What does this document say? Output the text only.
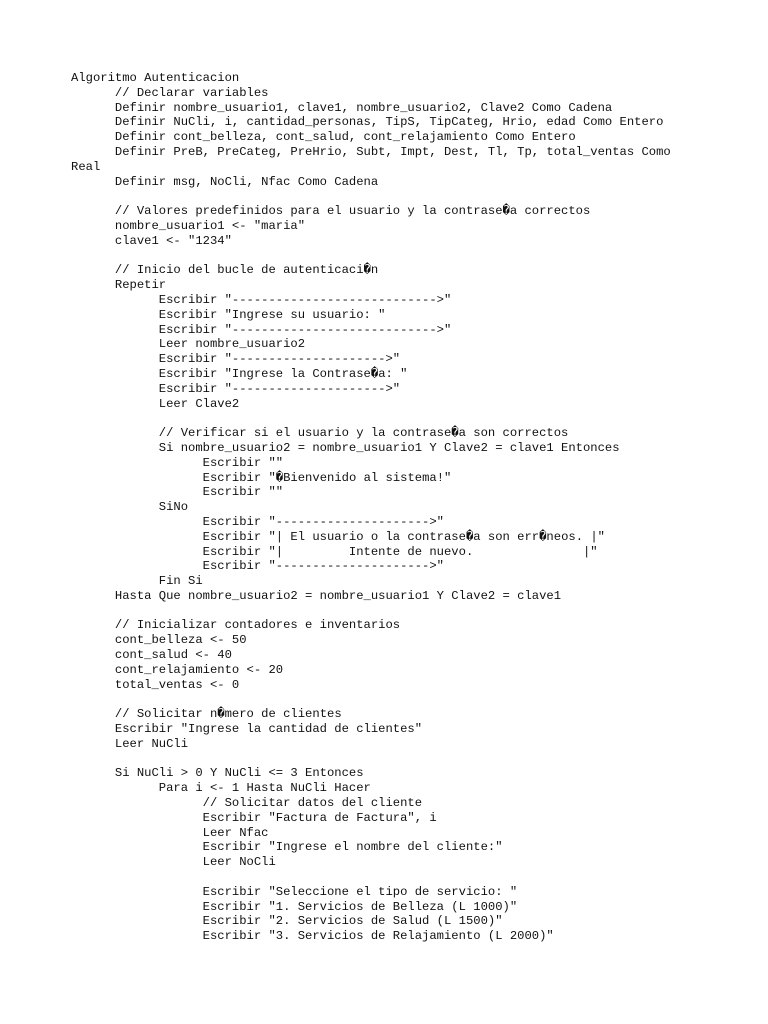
Algoritmo Autenticacion
// Declarar variables
Definir nombre_usuario1, clave1, nombre_usuario2, Clave2 Como Cadena
Definir NuCli, i, cantidad_personas, TipS, TipCateg, Hrio, edad Como Entero
Definir cont_belleza, cont_salud, cont_relajamiento Como Entero
Definir PreB, PreCateg, PreHrio, Subt, Impt, Dest, Tl, Tp, total_ventas Como
Real
Definir msg, NoCli, Nfac Como Cadena
// Valores predefinidos para el usuario y la contrase�a correctos
nombre_usuario1 <- "maria"
clave1 <- "1234"
// Inicio del bucle de autenticaci�n
Repetir
Escribir "---------------------------->"
Escribir "Ingrese su usuario: "
Escribir "---------------------------->"
Leer nombre_usuario2
Escribir "--------------------->"
Escribir "Ingrese la Contrase�a: "
Escribir "--------------------->"
Leer Clave2
// Verificar si el usuario y la contrase�a son correctos
Si nombre_usuario2 = nombre_usuario1 Y Clave2 = clave1 Entonces
Escribir ""
Escribir "�Bienvenido al sistema!"
Escribir ""
SiNo
Escribir "--------------------->"
Escribir "| El usuario o la contrase�a son err�neos. |"
Escribir "|         Intente de nuevo.               |"
Escribir "--------------------->"
Fin Si
Hasta Que nombre_usuario2 = nombre_usuario1 Y Clave2 = clave1
// Inicializar contadores e inventarios
cont_belleza <- 50
cont_salud <- 40
cont_relajamiento <- 20
total_ventas <- 0
// Solicitar n�mero de clientes
Escribir "Ingrese la cantidad de clientes"
Leer NuCli
Si NuCli > 0 Y NuCli <= 3 Entonces
Para i <- 1 Hasta NuCli Hacer
// Solicitar datos del cliente
Escribir "Factura de Factura", i
Leer Nfac
Escribir "Ingrese el nombre del cliente:"
Leer NoCli
Escribir "Seleccione el tipo de servicio: "
Escribir "1. Servicios de Belleza (L 1000)"
Escribir "2. Servicios de Salud (L 1500)"
Escribir "3. Servicios de Relajamiento (L 2000)"
